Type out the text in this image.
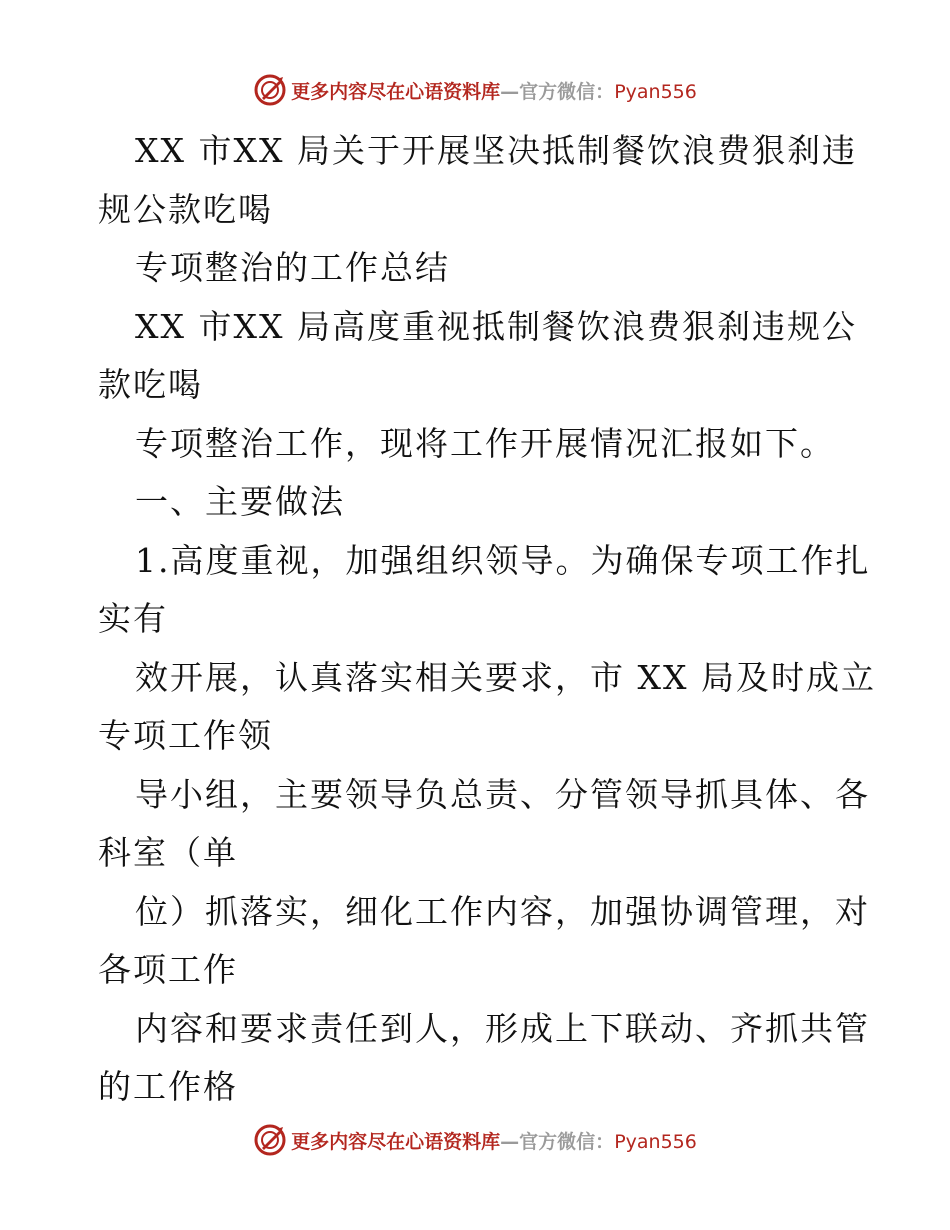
更多内容尽在心语资料库—官方微信：Pyan556
XX 市XX 局关于开展坚决抵制餐饮浪费狠刹违
规公款吃喝
专项整治的工作总结
XX 市XX 局高度重视抵制餐饮浪费狠刹违规公
款吃喝
专项整治工作，现将工作开展情况汇报如下。
一、主要做法
1.高度重视，加强组织领导。为确保专项工作扎
实有
效开展，认真落实相关要求，市 XX 局及时成立
专项工作领
导小组，主要领导负总责、分管领导抓具体、各
科室（单
位）抓落实，细化工作内容，加强协调管理，对
各项工作
内容和要求责任到人，形成上下联动、齐抓共管
的工作格
更多内容尽在心语资料库—官方微信：Pyan556
